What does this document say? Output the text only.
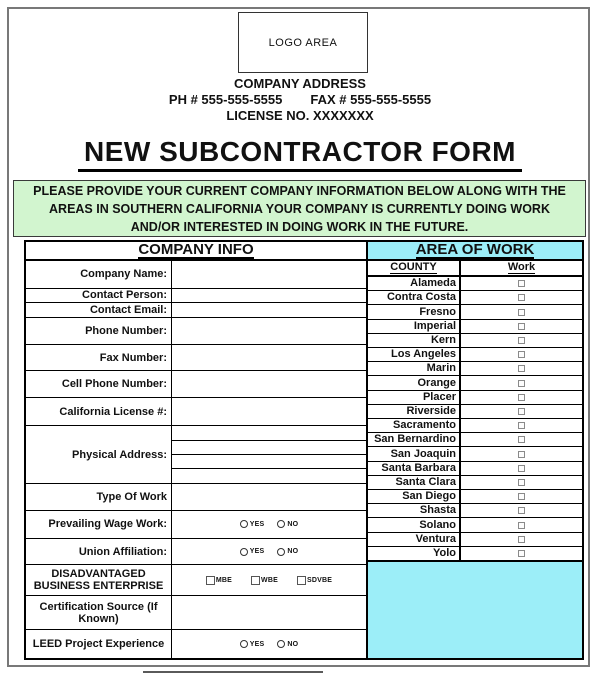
LOGO AREA
COMPANY ADDRESS
PH # 555-555-5555 FAX # 555-555-5555
LICENSE NO. XXXXXXX
NEW SUBCONTRACTOR FORM
PLEASE PROVIDE YOUR CURRENT COMPANY INFORMATION BELOW ALONG WITH THE
AREAS IN SOUTHERN CALIFORNIA YOUR COMPANY IS CURRENTLY DOING WORK
AND/OR INTERESTED IN DOING WORK IN THE FUTURE.
COMPANY INFO	AREA OF WORK
Company Name:
Contact Person:
Contact Email:
Phone Number:
Fax Number:
Cell Phone Number:
California License #:
Physical Address:
Type Of Work
Prevailing Wage Work:	YES	NO
Union Affiliation:	YES	NO
DISADVANTAGED BUSINESS ENTERPRISE	MBE	WBE	SDVBE
Certification Source (If Known)
LEED Project Experience	YES	NO
COUNTY	Work
Alameda
Contra Costa
Fresno
Imperial
Kern
Los Angeles
Marin
Orange
Placer
Riverside
Sacramento
San Bernardino
San Joaquin
Santa Barbara
Santa Clara
San Diego
Shasta
Solano
Ventura
Yolo
